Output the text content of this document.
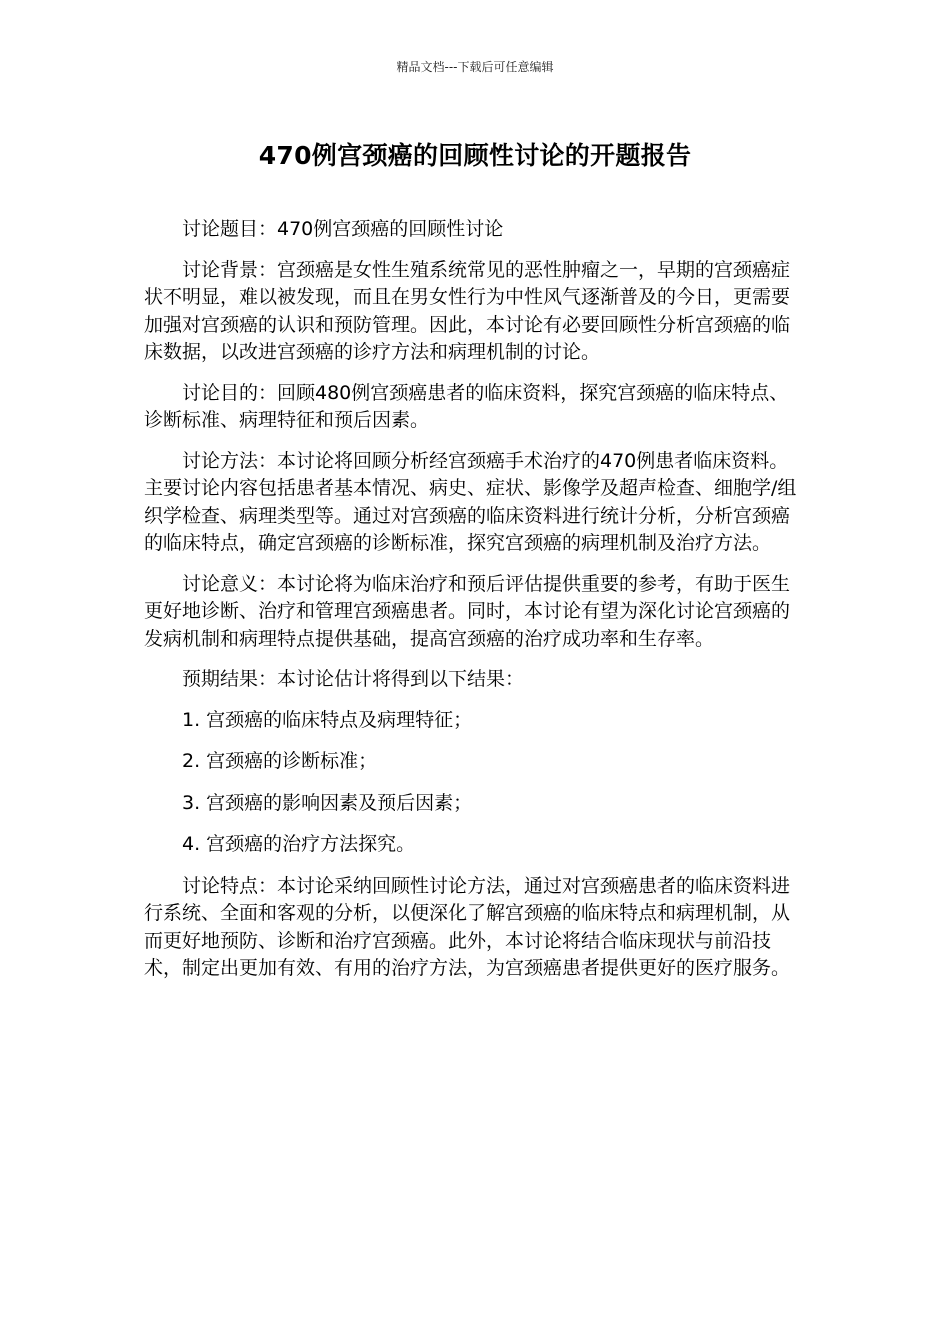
精品文档---下载后可任意编辑
470例宫颈癌的回顾性讨论的开题报告

讨论题目：470例宫颈癌的回顾性讨论

讨论背景：宫颈癌是女性生殖系统常见的恶性肿瘤之一，早期的宫颈癌症状不明显，难以被发现，而且在男女性行为中性风气逐渐普及的今日，更需要加强对宫颈癌的认识和预防管理。因此，本讨论有必要回顾性分析宫颈癌的临床数据，以改进宫颈癌的诊疗方法和病理机制的讨论。

讨论目的：回顾480例宫颈癌患者的临床资料，探究宫颈癌的临床特点、诊断标准、病理特征和预后因素。

讨论方法：本讨论将回顾分析经宫颈癌手术治疗的470例患者临床资料。主要讨论内容包括患者基本情况、病史、症状、影像学及超声检查、细胞学/组织学检查、病理类型等。通过对宫颈癌的临床资料进行统计分析，分析宫颈癌的临床特点，确定宫颈癌的诊断标准，探究宫颈癌的病理机制及治疗方法。

讨论意义：本讨论将为临床治疗和预后评估提供重要的参考，有助于医生更好地诊断、治疗和管理宫颈癌患者。同时，本讨论有望为深化讨论宫颈癌的发病机制和病理特点提供基础，提高宫颈癌的治疗成功率和生存率。

预期结果：本讨论估计将得到以下结果：

1. 宫颈癌的临床特点及病理特征；

2. 宫颈癌的诊断标准；

3. 宫颈癌的影响因素及预后因素；

4. 宫颈癌的治疗方法探究。

讨论特点：本讨论采纳回顾性讨论方法，通过对宫颈癌患者的临床资料进行系统、全面和客观的分析，以便深化了解宫颈癌的临床特点和病理机制，从而更好地预防、诊断和治疗宫颈癌。此外，本讨论将结合临床现状与前沿技术，制定出更加有效、有用的治疗方法，为宫颈癌患者提供更好的医疗服务。
